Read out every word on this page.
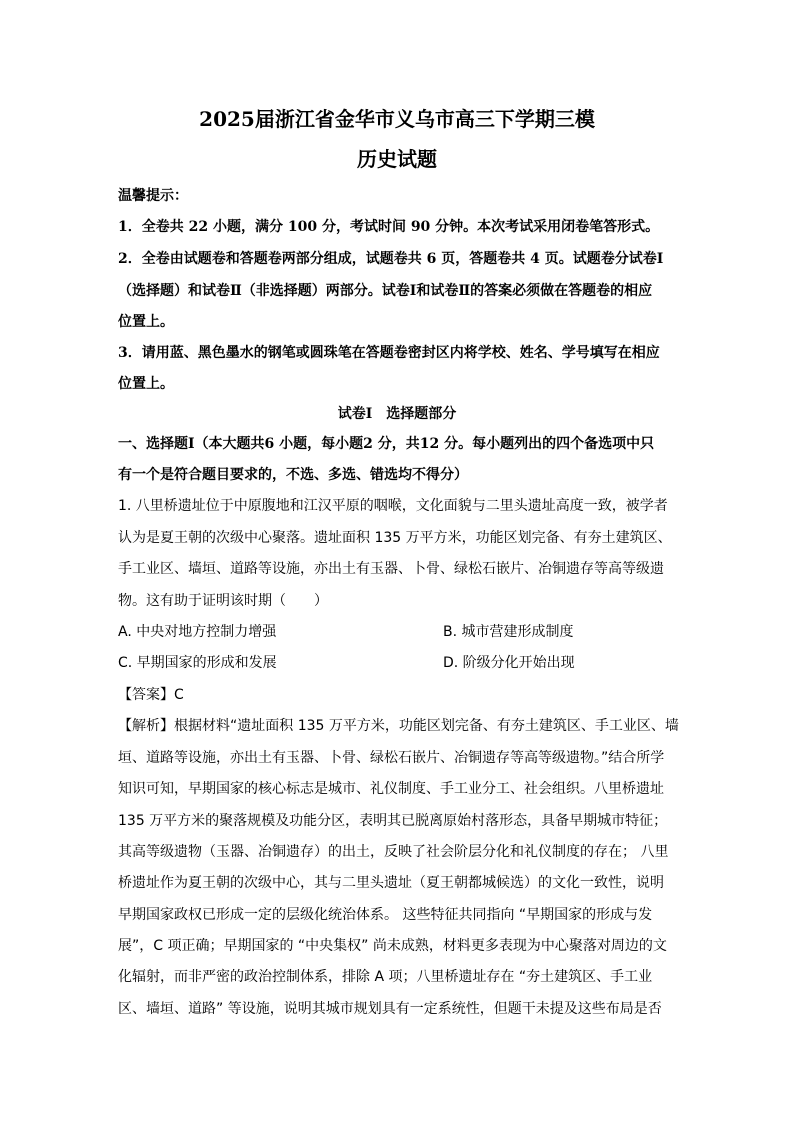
2025届浙江省金华市义乌市高三下学期三模
历史试题
温馨提示：
1．全卷共 22 小题，满分 100 分，考试时间 90 分钟。本次考试采用闭卷笔答形式。
2．全卷由试题卷和答题卷两部分组成，试题卷共 6 页，答题卷共 4 页。试题卷分试卷Ⅰ
（选择题）和试卷Ⅱ（非选择题）两部分。试卷Ⅰ和试卷Ⅱ的答案必须做在答题卷的相应
位置上。
3．请用蓝、黑色墨水的钢笔或圆珠笔在答题卷密封区内将学校、姓名、学号填写在相应
位置上。
试卷Ⅰ　选择题部分
一、选择题Ⅰ（本大题共6 小题，每小题2 分，共12 分。每小题列出的四个备选项中只
有一个是符合题目要求的，不选、多选、错选均不得分）
1. 八里桥遗址位于中原腹地和江汉平原的咽喉，文化面貌与二里头遗址高度一致，被学者
认为是夏王朝的次级中心聚落。遗址面积 135 万平方米，功能区划完备、有夯土建筑区、
手工业区、墙垣、道路等设施，亦出土有玉器、卜骨、绿松石嵌片、冶铜遗存等高等级遗
物。这有助于证明该时期（　　）
A. 中央对地方控制力增强	B. 城市营建形成制度
C. 早期国家的形成和发展	D. 阶级分化开始出现
【答案】C
【解析】根据材料“遗址面积 135 万平方米，功能区划完备、有夯土建筑区、手工业区、墙
垣、道路等设施，亦出土有玉器、卜骨、绿松石嵌片、冶铜遗存等高等级遗物。”结合所学
知识可知，早期国家的核心标志是城市、礼仪制度、手工业分工、社会组织。八里桥遗址
135 万平方米的聚落规模及功能分区，表明其已脱离原始村落形态，具备早期城市特征；
其高等级遗物（玉器、冶铜遗存）的出土，反映了社会阶层分化和礼仪制度的存在； 八里
桥遗址作为夏王朝的次级中心，其与二里头遗址（夏王朝都城候选）的文化一致性，说明
早期国家政权已形成一定的层级化统治体系。 这些特征共同指向 “早期国家的形成与发
展”，C 项正确；早期国家的 “中央集权” 尚未成熟，材料更多表现为中心聚落对周边的文
化辐射，而非严密的政治控制体系，排除 A 项；八里桥遗址存在 “夯土建筑区、手工业
区、墙垣、道路” 等设施，说明其城市规划具有一定系统性，但题干未提及这些布局是否
